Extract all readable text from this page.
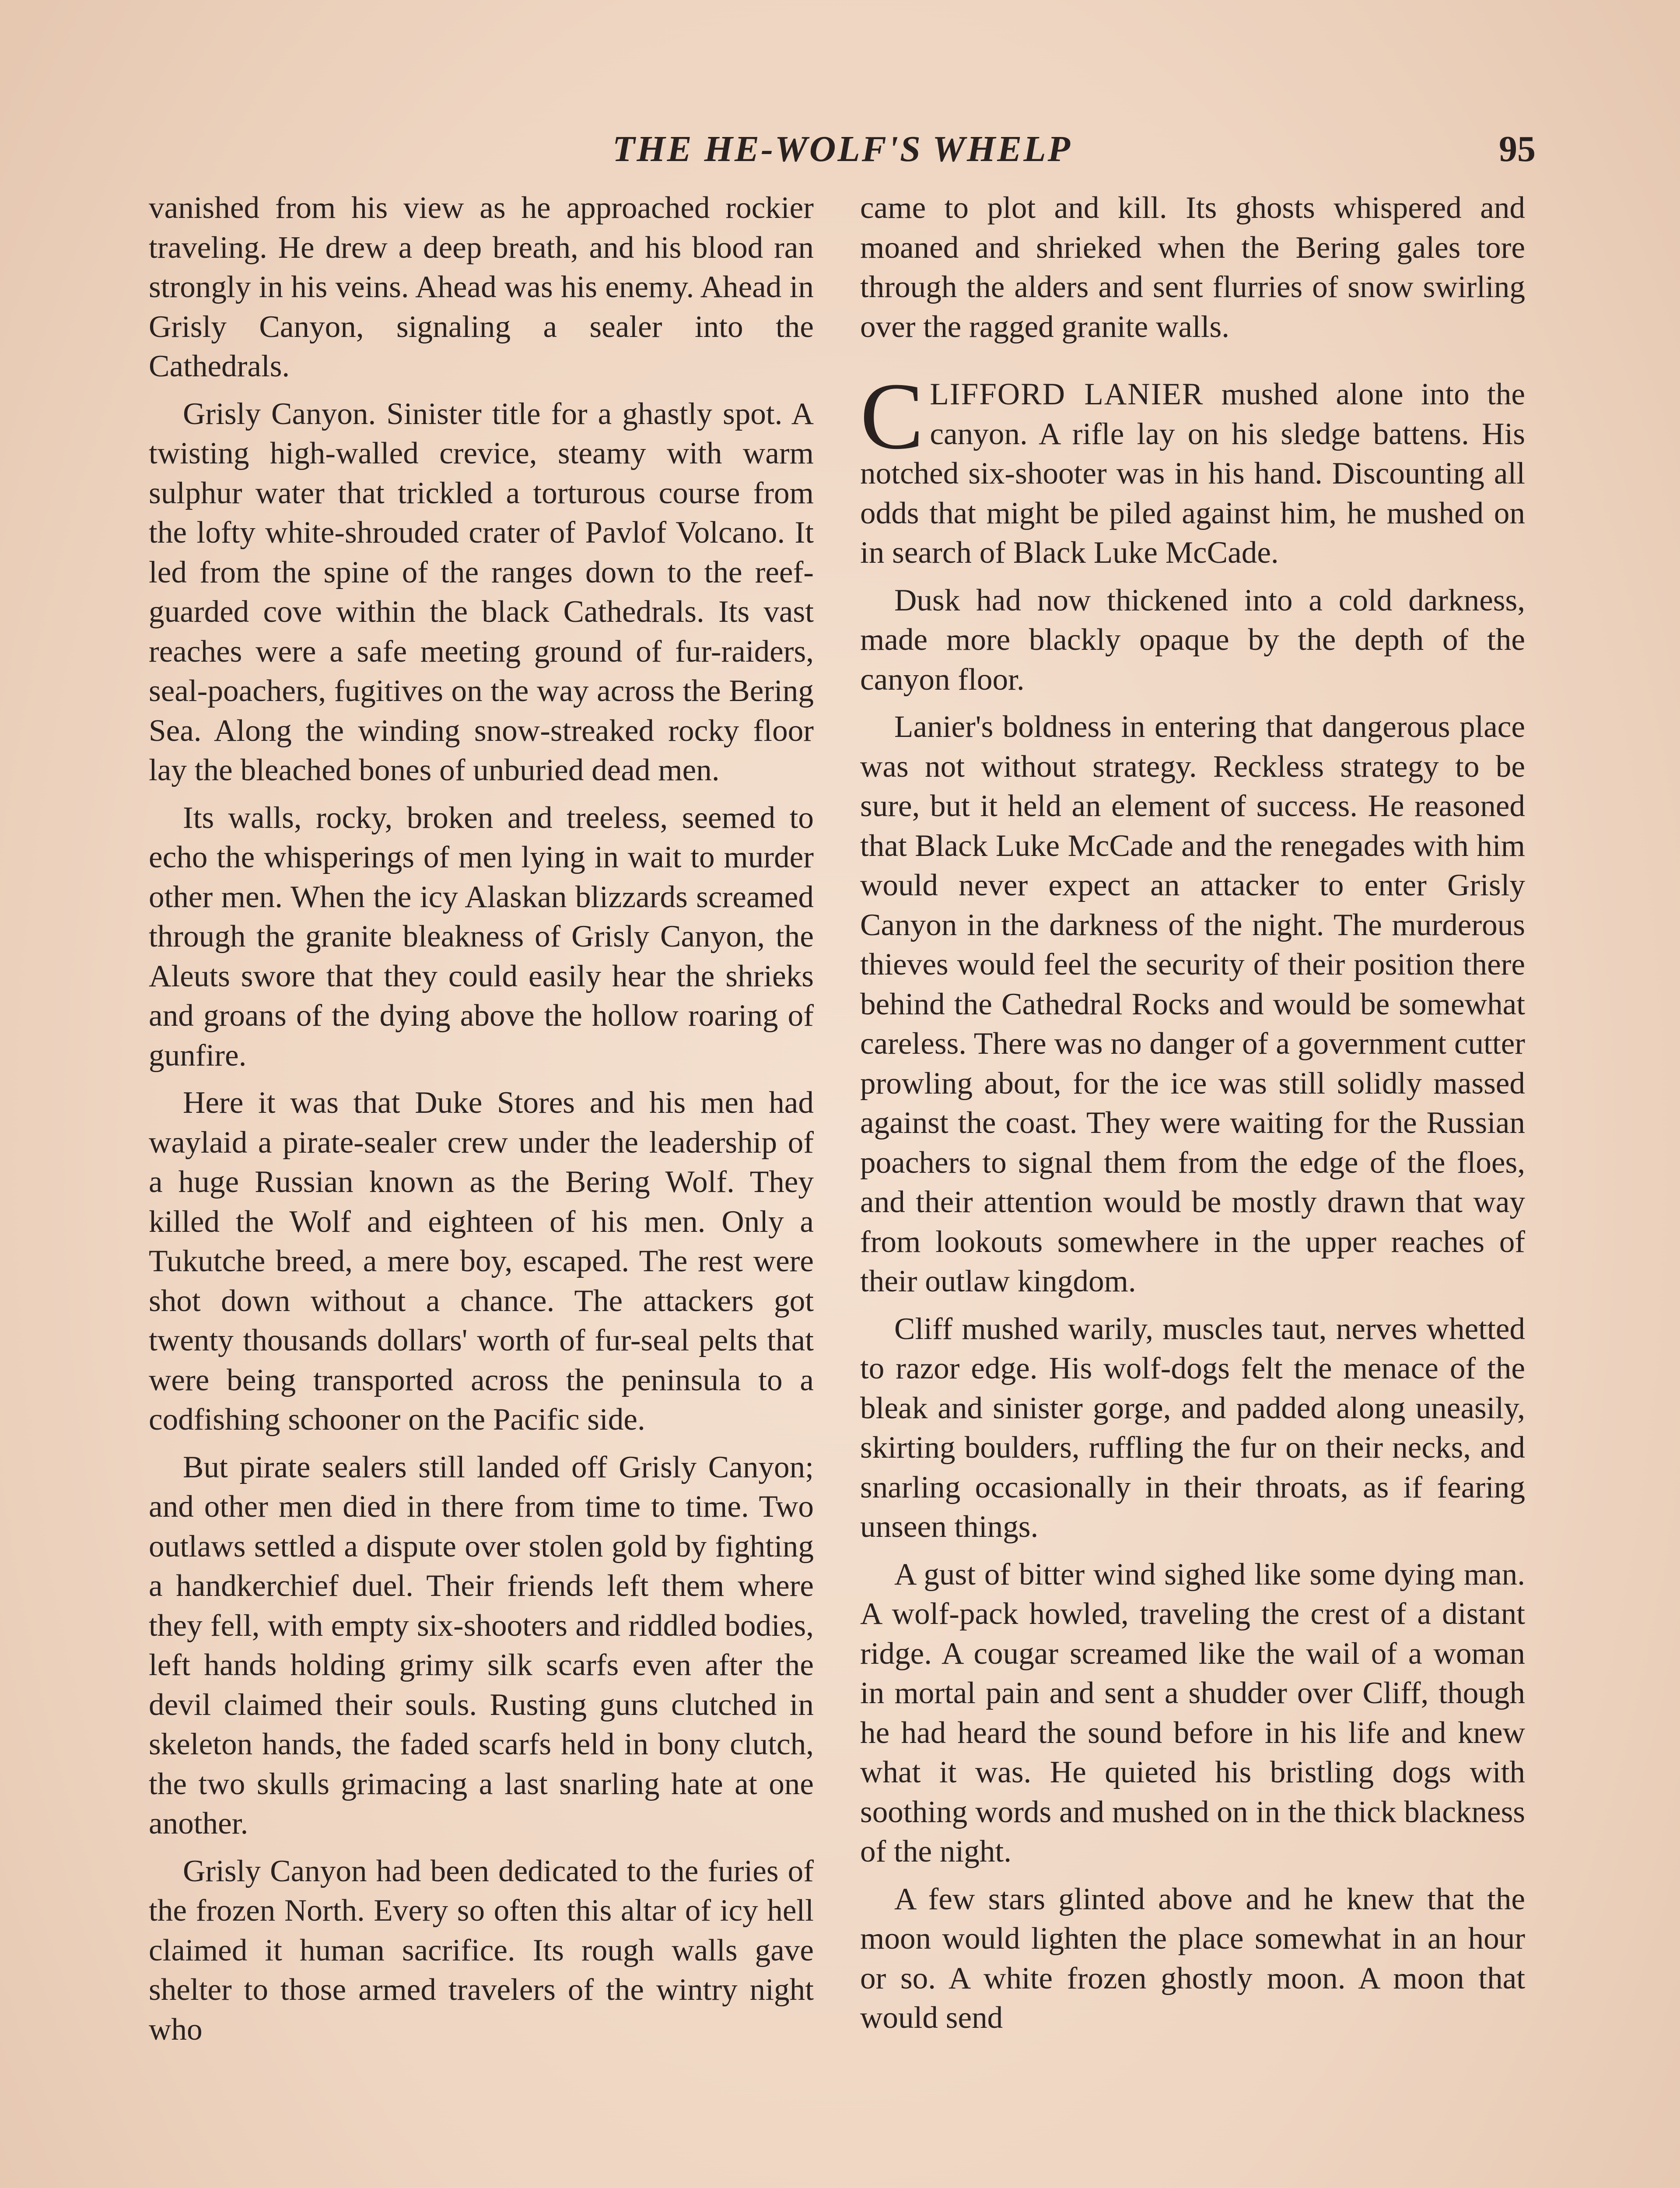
THE HE-WOLF'S WHELP	95

vanished from his view as he approached rockier traveling. He drew a deep breath, and his blood ran strongly in his veins. Ahead was his enemy. Ahead in Grisly Canyon, signaling a sealer into the Cathedrals.

Grisly Canyon. Sinister title for a ghastly spot. A twisting high-walled crevice, steamy with warm sulphur water that trickled a torturous course from the lofty white-shrouded crater of Pavlof Volcano. It led from the spine of the ranges down to the reef-guarded cove within the black Cathedrals. Its vast reaches were a safe meeting ground of fur-raiders, seal-poachers, fugitives on the way across the Bering Sea. Along the winding snow-streaked rocky floor lay the bleached bones of unburied dead men.

Its walls, rocky, broken and treeless, seemed to echo the whisperings of men lying in wait to murder other men. When the icy Alaskan blizzards screamed through the granite bleakness of Grisly Canyon, the Aleuts swore that they could easily hear the shrieks and groans of the dying above the hollow roaring of gunfire.

Here it was that Duke Stores and his men had waylaid a pirate-sealer crew under the leadership of a huge Russian known as the Bering Wolf. They killed the Wolf and eighteen of his men. Only a Tukutche breed, a mere boy, escaped. The rest were shot down without a chance. The attackers got twenty thousands dollars' worth of fur-seal pelts that were being transported across the peninsula to a codfishing schooner on the Pacific side.

But pirate sealers still landed off Grisly Canyon; and other men died in there from time to time. Two outlaws settled a dispute over stolen gold by fighting a handkerchief duel. Their friends left them where they fell, with empty six-shooters and riddled bodies, left hands holding grimy silk scarfs even after the devil claimed their souls. Rusting guns clutched in skeleton hands, the faded scarfs held in bony clutch, the two skulls grimacing a last snarling hate at one another.

Grisly Canyon had been dedicated to the furies of the frozen North. Every so often this altar of icy hell claimed it human sacrifice. Its rough walls gave shelter to those armed travelers of the wintry night who

came to plot and kill. Its ghosts whispered and moaned and shrieked when the Bering gales tore through the alders and sent flurries of snow swirling over the ragged granite walls.

CLIFFORD LANIER mushed alone into the canyon. A rifle lay on his sledge battens. His notched six-shooter was in his hand. Discounting all odds that might be piled against him, he mushed on in search of Black Luke McCade.

Dusk had now thickened into a cold darkness, made more blackly opaque by the depth of the canyon floor.

Lanier's boldness in entering that dangerous place was not without strategy. Reckless strategy to be sure, but it held an element of success. He reasoned that Black Luke McCade and the renegades with him would never expect an attacker to enter Grisly Canyon in the darkness of the night. The murderous thieves would feel the security of their position there behind the Cathedral Rocks and would be somewhat careless. There was no danger of a government cutter prowling about, for the ice was still solidly massed against the coast. They were waiting for the Russian poachers to signal them from the edge of the floes, and their attention would be mostly drawn that way from lookouts somewhere in the upper reaches of their outlaw kingdom.

Cliff mushed warily, muscles taut, nerves whetted to razor edge. His wolf-dogs felt the menace of the bleak and sinister gorge, and padded along uneasily, skirting boulders, ruffling the fur on their necks, and snarling occasionally in their throats, as if fearing unseen things.

A gust of bitter wind sighed like some dying man. A wolf-pack howled, traveling the crest of a distant ridge. A cougar screamed like the wail of a woman in mortal pain and sent a shudder over Cliff, though he had heard the sound before in his life and knew what it was. He quieted his bristling dogs with soothing words and mushed on in the thick blackness of the night.

A few stars glinted above and he knew that the moon would lighten the place somewhat in an hour or so. A white frozen ghostly moon. A moon that would send
